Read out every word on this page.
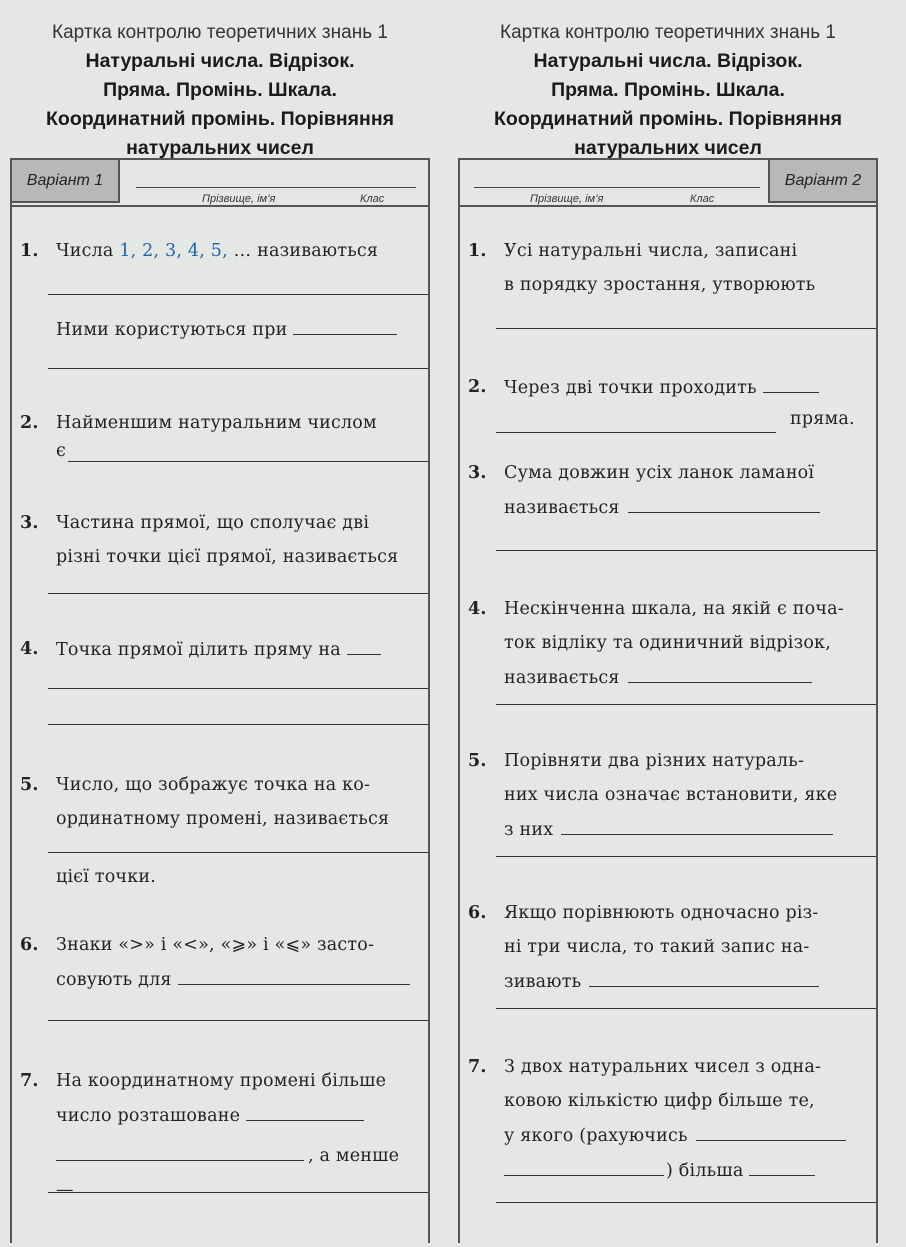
Картка контролю теоретичних знань 1
Натуральні числа. Відрізок.
Пряма. Промінь. Шкала.
Координатний промінь. Порівняння
натуральних чисел
Варіант 1
Прізвище, ім’я	Клас
1. Числа 1, 2, 3, 4, 5, … називаються
Ними користуються при
2. Найменшим натуральним числом
є
3. Частина прямої, що сполучає дві
різні точки цієї прямої, називається
4. Точка прямої ділить пряму на
5. Число, що зображує точка на ко-
ординатному промені, називається
цієї точки.
6. Знаки «>» і «<», «⩾» і «⩽» засто-
совують для
7. На координатному промені більше
число розташоване
, а менше —
Картка контролю теоретичних знань 1
Натуральні числа. Відрізок.
Пряма. Промінь. Шкала.
Координатний промінь. Порівняння
натуральних чисел
Прізвище, ім’я	Клас
Варіант 2
1. Усі натуральні числа, записані
в порядку зростання, утворюють
2. Через дві точки проходить
пряма.
3. Сума довжин усіх ланок ламаної
називається
4. Нескінченна шкала, на якій є поча-
ток відліку та одиничний відрізок,
називається
5. Порівняти два різних натураль-
них числа означає встановити, яке
з них
6. Якщо порівнюють одночасно різ-
ні три числа, то такий запис на-
зивають
7. З двох натуральних чисел з однa-
ковою кількістю цифр більше те,
у якого (рахуючись
) більша
